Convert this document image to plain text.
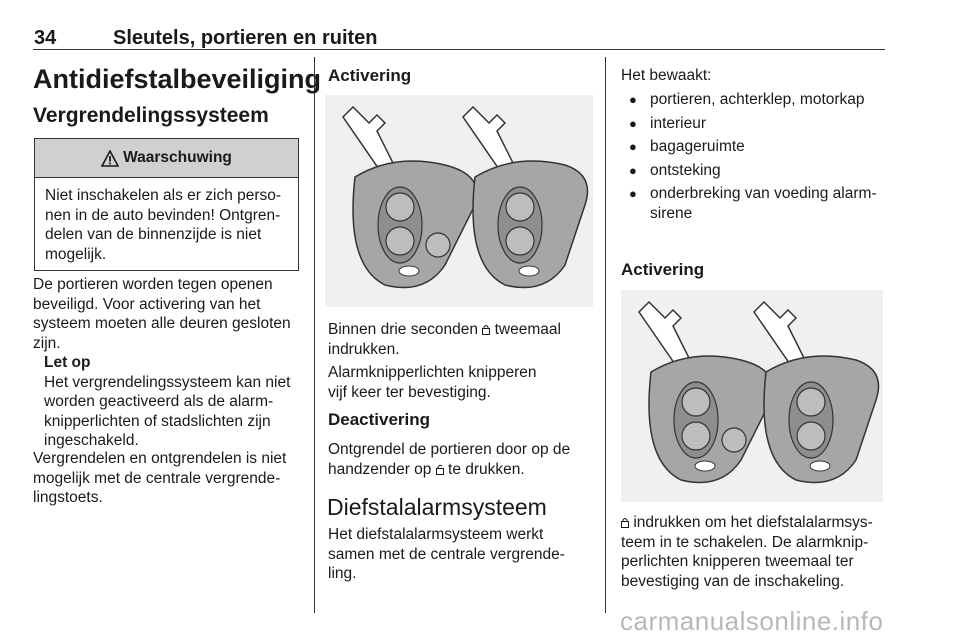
34	Sleutels, portieren en ruiten
Antidiefstalbeveiliging
Vergrendelingssysteem
Waarschuwing
Niet inschakelen als er zich perso-
nen in de auto bevinden! Ontgren-
delen van de binnenzijde is niet
mogelijk.
De portieren worden tegen openen
beveiligd. Voor activering van het
systeem moeten alle deuren gesloten
zijn.
Let op
Het vergrendelingssysteem kan niet
worden geactiveerd als de alarm-
knipperlichten of stadslichten zijn
ingeschakeld.
Vergrendelen en ontgrendelen is niet
mogelijk met de centrale vergrende-
lingstoets.
Activering
Binnen drie seconden tweemaal
indrukken.
Alarmknipperlichten knipperen
vijf keer ter bevestiging.
Deactivering
Ontgrendel de portieren door op de
handzender op te drukken.
Diefstalalarmsysteem
Het diefstalalarmsysteem werkt
samen met de centrale vergrende-
ling.
Het bewaakt:
● portieren, achterklep, motorkap
● interieur
● bagageruimte
● ontsteking
● onderbreking van voeding alarm-
sirene
Activering
indrukken om het diefstalalarmsys-
teem in te schakelen. De alarmknip-
perlichten knipperen tweemaal ter
bevestiging van de inschakeling.
carmanualsonline.info
